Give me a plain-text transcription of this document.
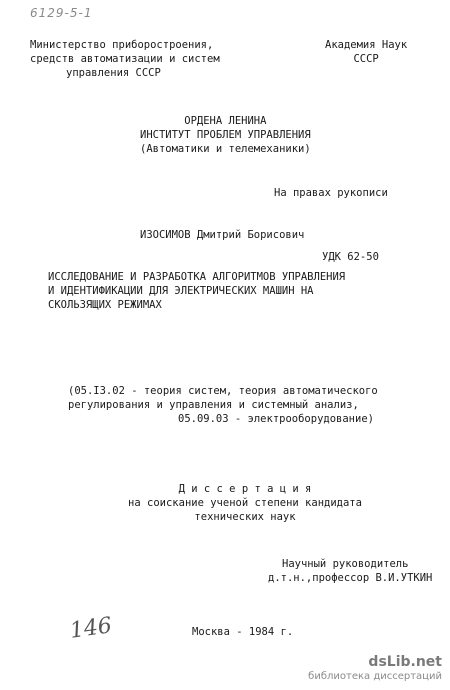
6129-5-1
Министерство приборостроения,
средств автоматизации и систем
управления СССР
Академия Наук
СССР
ОРДЕНА ЛЕНИНА
ИНСТИТУТ ПРОБЛЕМ УПРАВЛЕНИЯ
(Автоматики и телемеханики)
На правах рукописи
ИЗОСИМОВ Дмитрий Борисович
УДК 62-50
ИССЛЕДОВАНИЕ И РАЗРАБОТКА АЛГОРИТМОВ УПРАВЛЕНИЯ
И ИДЕНТИФИКАЦИИ ДЛЯ ЭЛЕКТРИЧЕСКИХ МАШИН НА
СКОЛЬЗЯЩИХ РЕЖИМАХ
(05.I3.02 - теория систем, теория автоматического
регулирования и управления и системный анализ,
05.09.03 - электрооборудование)
Д и с с е р т а ц и я
на соискание ученой степени кандидата
технических наук
Научный руководитель
д.т.н.,профессор В.И.УТКИН
146	Москва - 1984 г.
dsLib.net
библиотека диссертаций
